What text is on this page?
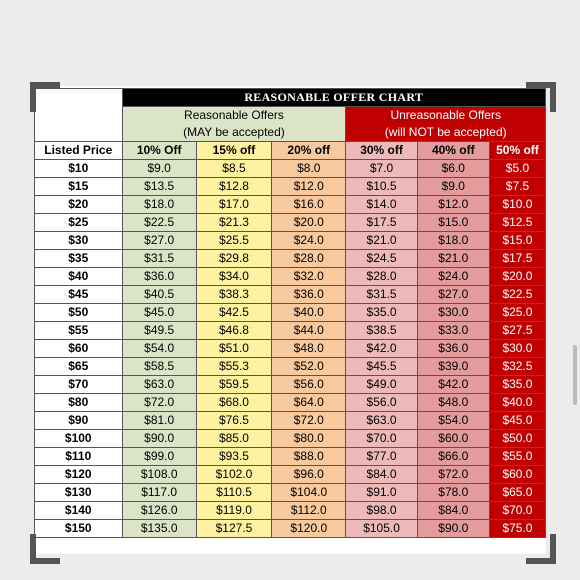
	REASONABLE OFFER CHART					

	Reasonable Offers
(MAY be accepted)			Unreasonable Offers
(will NOT be accepted)		

Listed Price	10% Off	15% off	20% off	30% off	40% off	50% off
$10	$9.0	$8.5	$8.0	$7.0	$6.0	$5.0
$15	$13.5	$12.8	$12.0	$10.5	$9.0	$7.5
$20	$18.0	$17.0	$16.0	$14.0	$12.0	$10.0
$25	$22.5	$21.3	$20.0	$17.5	$15.0	$12.5
$30	$27.0	$25.5	$24.0	$21.0	$18.0	$15.0
$35	$31.5	$29.8	$28.0	$24.5	$21.0	$17.5
$40	$36.0	$34.0	$32.0	$28.0	$24.0	$20.0
$45	$40.5	$38.3	$36.0	$31.5	$27.0	$22.5
$50	$45.0	$42.5	$40.0	$35.0	$30.0	$25.0
$55	$49.5	$46.8	$44.0	$38.5	$33.0	$27.5
$60	$54.0	$51.0	$48.0	$42.0	$36.0	$30.0
$65	$58.5	$55.3	$52.0	$45.5	$39.0	$32.5
$70	$63.0	$59.5	$56.0	$49.0	$42.0	$35.0
$80	$72.0	$68.0	$64.0	$56.0	$48.0	$40.0
$90	$81.0	$76.5	$72.0	$63.0	$54.0	$45.0
$100	$90.0	$85.0	$80.0	$70.0	$60.0	$50.0
$110	$99.0	$93.5	$88.0	$77.0	$66.0	$55.0
$120	$108.0	$102.0	$96.0	$84.0	$72.0	$60.0
$130	$117.0	$110.5	$104.0	$91.0	$78.0	$65.0
$140	$126.0	$119.0	$112.0	$98.0	$84.0	$70.0
$150	$135.0	$127.5	$120.0	$105.0	$90.0	$75.0
